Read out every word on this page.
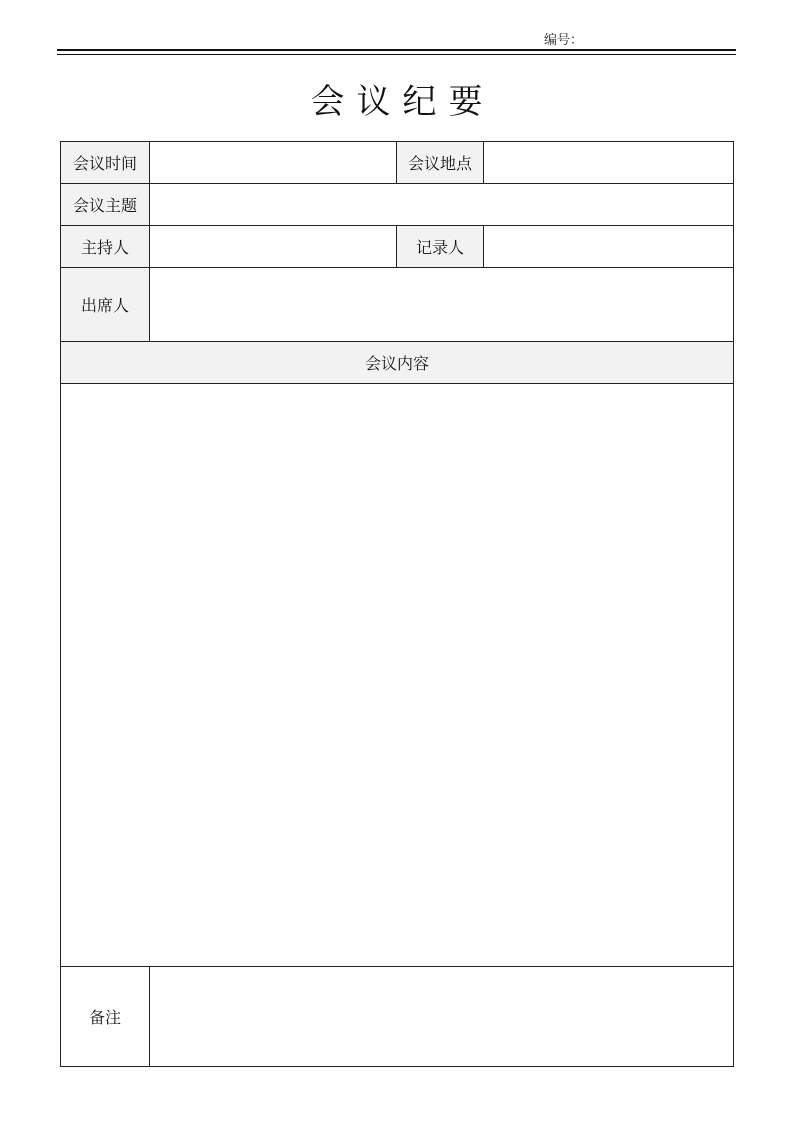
编号：
会议纪要
会议时间		会议地点	
会议主题			
主持人		记录人	
出席人			
会议内容			

备注			
